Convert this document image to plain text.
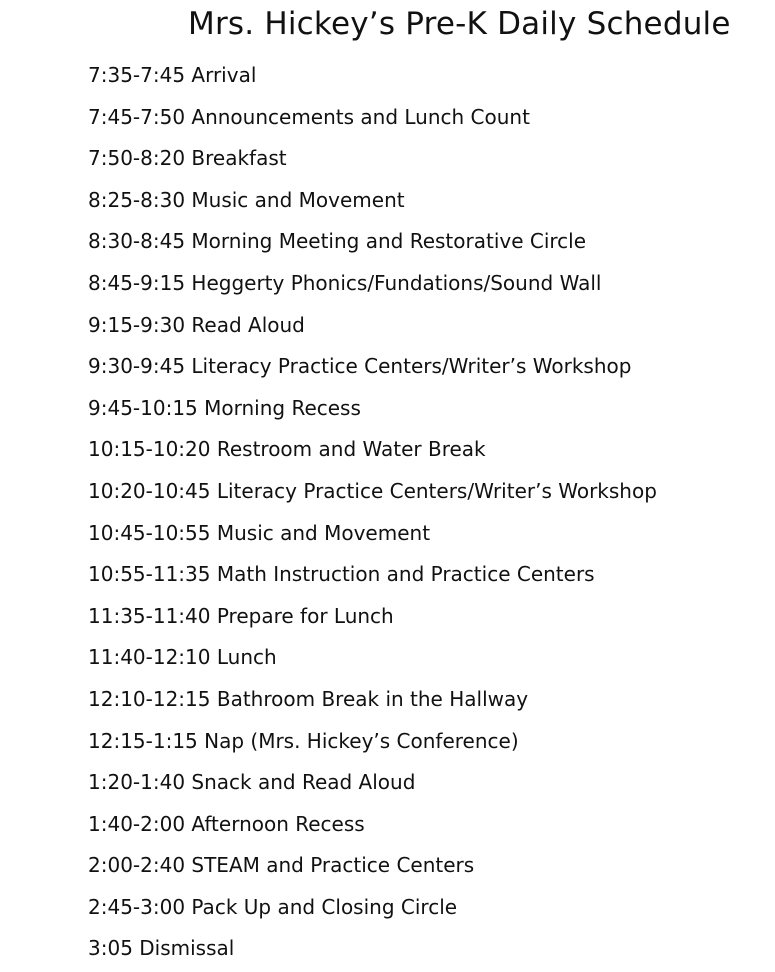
Mrs. Hickey’s Pre-K Daily Schedule
7:35-7:45 Arrival
7:45-7:50 Announcements and Lunch Count
7:50-8:20 Breakfast
8:25-8:30 Music and Movement
8:30-8:45 Morning Meeting and Restorative Circle
8:45-9:15 Heggerty Phonics/Fundations/Sound Wall
9:15-9:30 Read Aloud
9:30-9:45 Literacy Practice Centers/Writer’s Workshop
9:45-10:15 Morning Recess
10:15-10:20 Restroom and Water Break
10:20-10:45 Literacy Practice Centers/Writer’s Workshop
10:45-10:55 Music and Movement
10:55-11:35 Math Instruction and Practice Centers
11:35-11:40 Prepare for Lunch
11:40-12:10 Lunch
12:10-12:15 Bathroom Break in the Hallway
12:15-1:15 Nap (Mrs. Hickey’s Conference)
1:20-1:40 Snack and Read Aloud
1:40-2:00 Afternoon Recess
2:00-2:40 STEAM and Practice Centers
2:45-3:00 Pack Up and Closing Circle
3:05 Dismissal
